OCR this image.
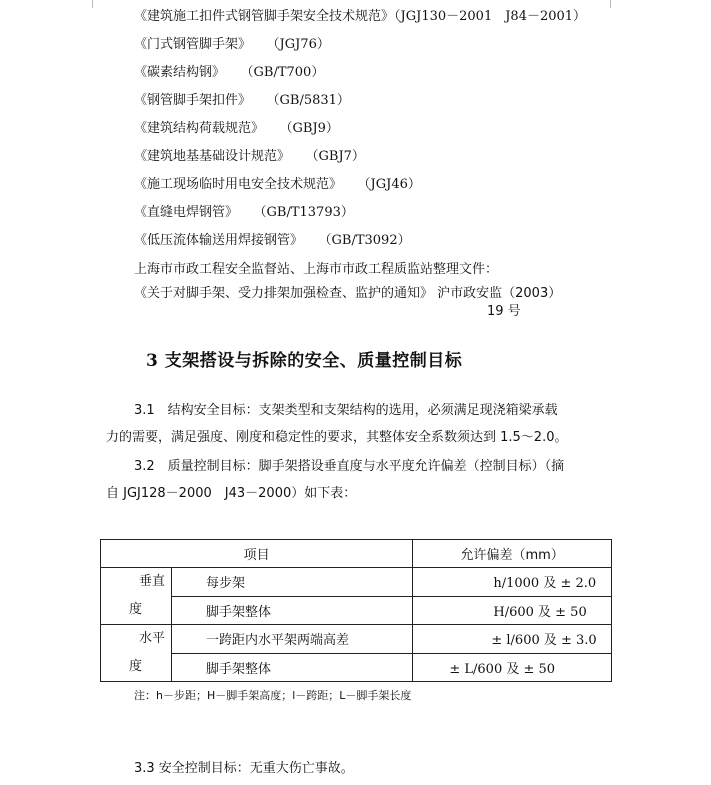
《建筑施工扣件式钢管脚手架安全技术规范》（JGJ130－2001　J84－2001）
《门式钢管脚手架》 （JGJ76）
《碳素结构钢》 （GB/T700）
《钢管脚手架扣件》 （GB/5831）
《建筑结构荷载规范》 （GBJ9）
《建筑地基基础设计规范》 （GBJ7）
《施工现场临时用电安全技术规范》 （JGJ46）
《直缝电焊钢管》 （GB/T13793）
《低压流体输送用焊接钢管》 （GB/T3092）
上海市市政工程安全监督站、上海市市政工程质监站整理文件：
《关于对脚手架、受力排架加强检查、监护的通知》 沪市政安监（2003）
19 号
3 支架搭设与拆除的安全、质量控制目标
3.1　结构安全目标：支架类型和支架结构的选用，必须满足现浇箱梁承载
力的需要，满足强度、刚度和稳定性的要求，其整体安全系数须达到 1.5～2.0。
3.2　质量控制目标：脚手架搭设垂直度与水平度允许偏差（控制目标）（摘
自 JGJ128－2000　J43－2000）如下表：
项目		允许偏差（mm）

垂直
度	每步架	h/1000 及 ± 2.0
	脚手架整体	H/600 及 ± 50

水平
度	一跨距内水平架两端高差	± l/600 及 ± 3.0
	脚手架整体	± L/600 及 ± 50
注：h－步距；H－脚手架高度；l－跨距；L－脚手架长度
3.3 安全控制目标：无重大伤亡事故。
